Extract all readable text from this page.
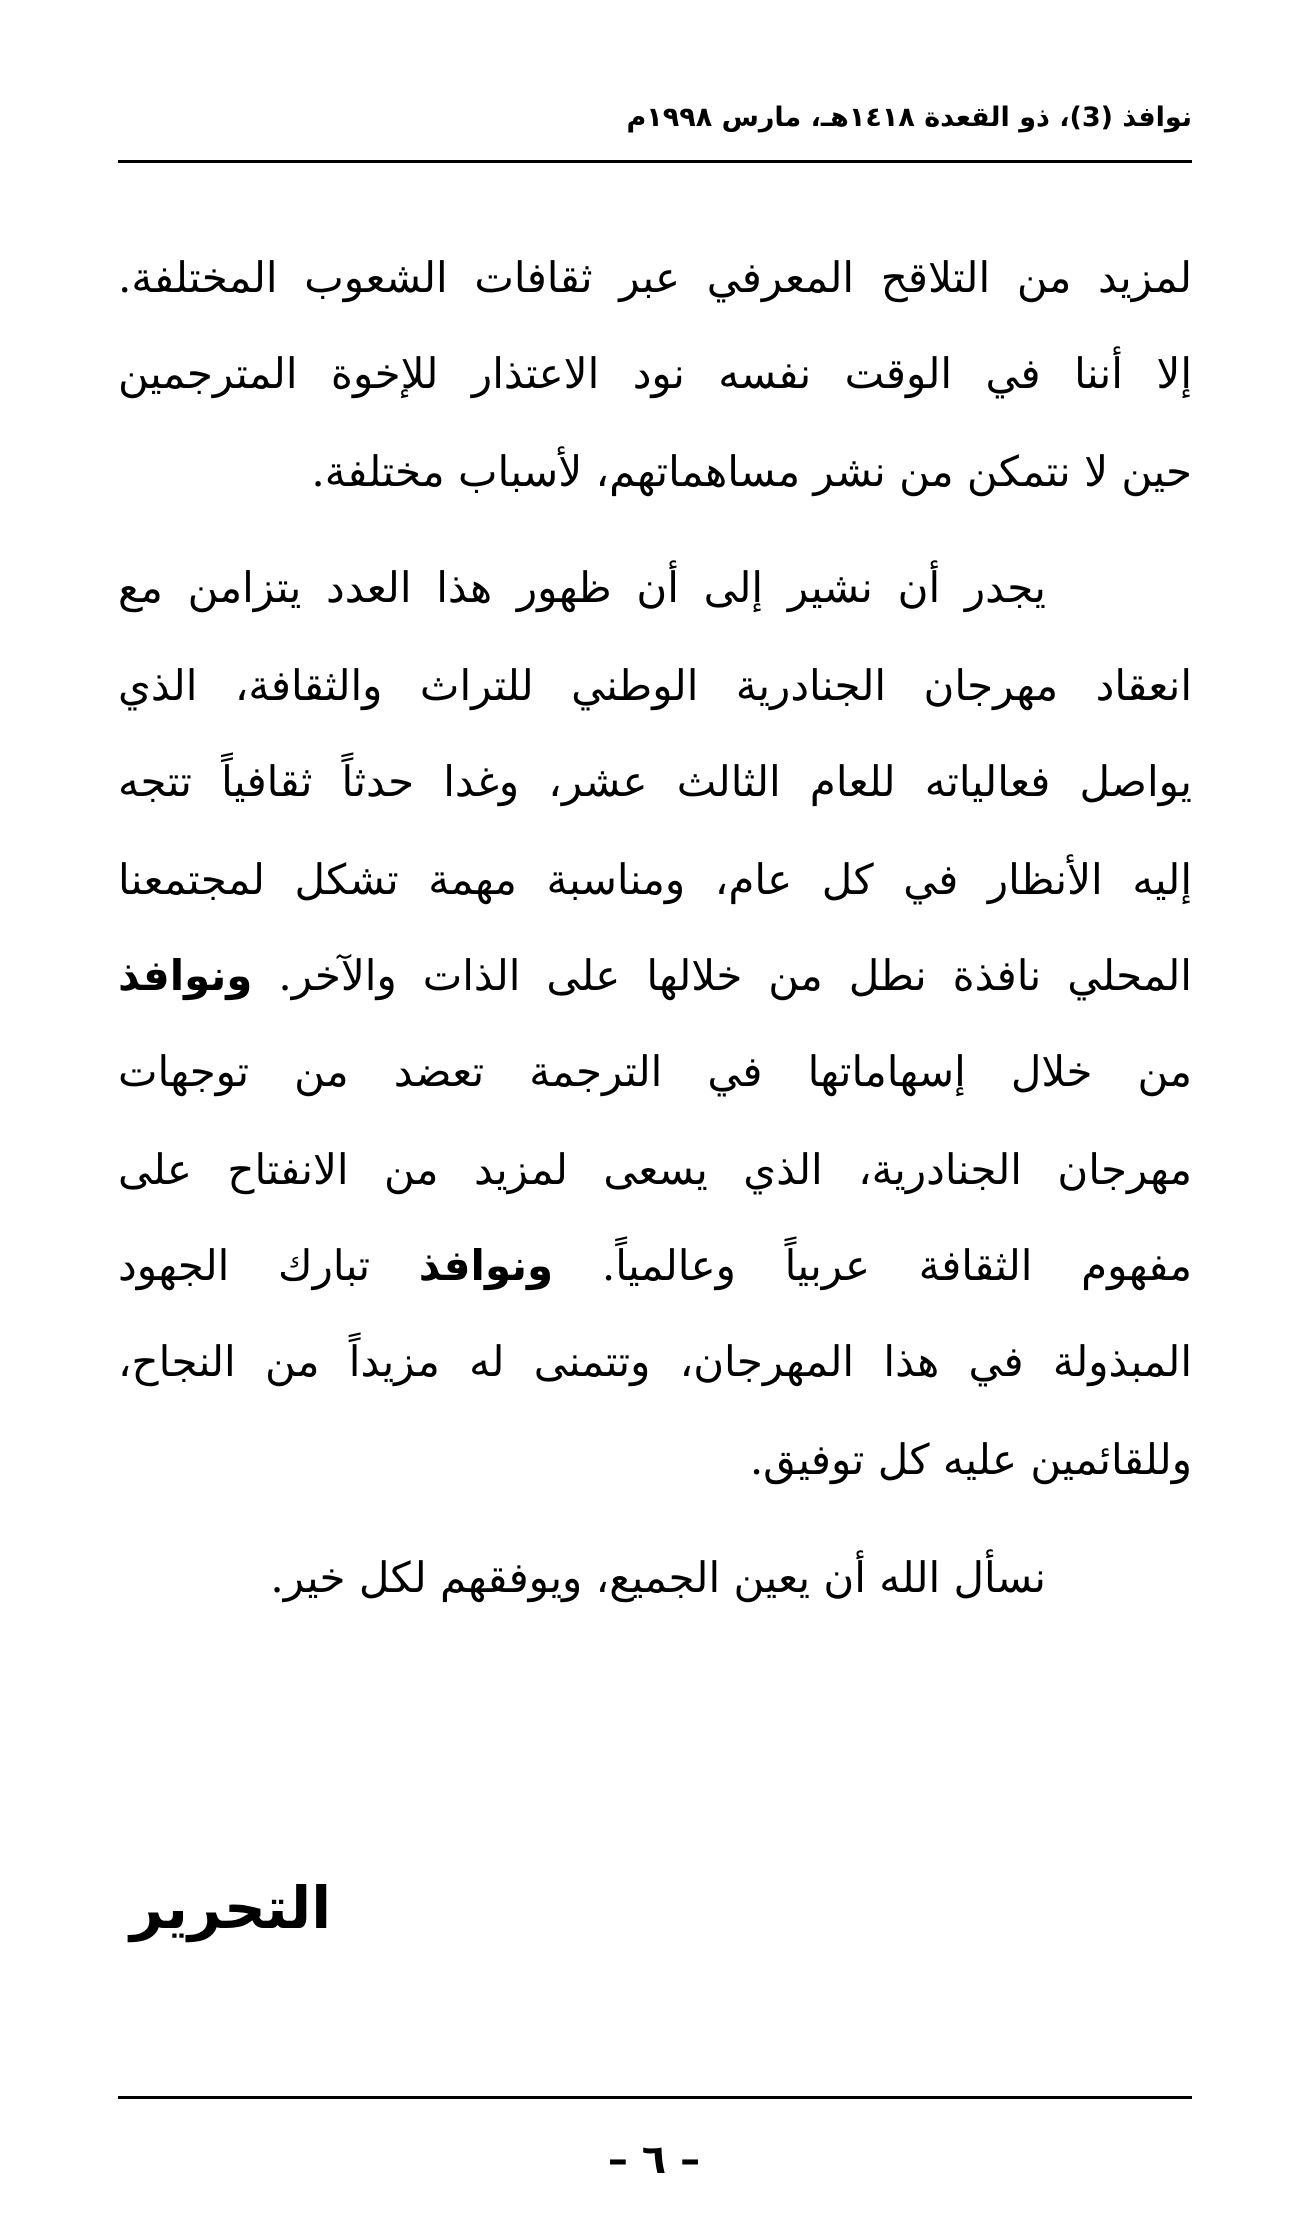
نوافذ (3)، ذو القعدة ١٤١٨هـ، مارس ١٩٩٨م
لمزيد من التلاقح المعرفي عبر ثقافات الشعوب المختلفة.
إلا أننا في الوقت نفسه نود الاعتذار للإخوة المترجمين
حين لا نتمكن من نشر مساهماتهم، لأسباب مختلفة.
يجدر أن نشير إلى أن ظهور هذا العدد يتزامن مع
انعقاد مهرجان الجنادرية الوطني للتراث والثقافة، الذي
يواصل فعالياته للعام الثالث عشر، وغدا حدثاً ثقافياً تتجه
إليه الأنظار في كل عام، ومناسبة مهمة تشكل لمجتمعنا
المحلي نافذة نطل من خلالها على الذات والآخر. ونوافذ
من خلال إسهاماتها في الترجمة تعضد من توجهات
مهرجان الجنادرية، الذي يسعى لمزيد من الانفتاح على
مفهوم الثقافة عربياً وعالمياً. ونوافذ تبارك الجهود
المبذولة في هذا المهرجان، وتتمنى له مزيداً من النجاح،
وللقائمين عليه كل توفيق.
نسأل الله أن يعين الجميع، ويوفقهم لكل خير.
التحرير
– ٦ –
